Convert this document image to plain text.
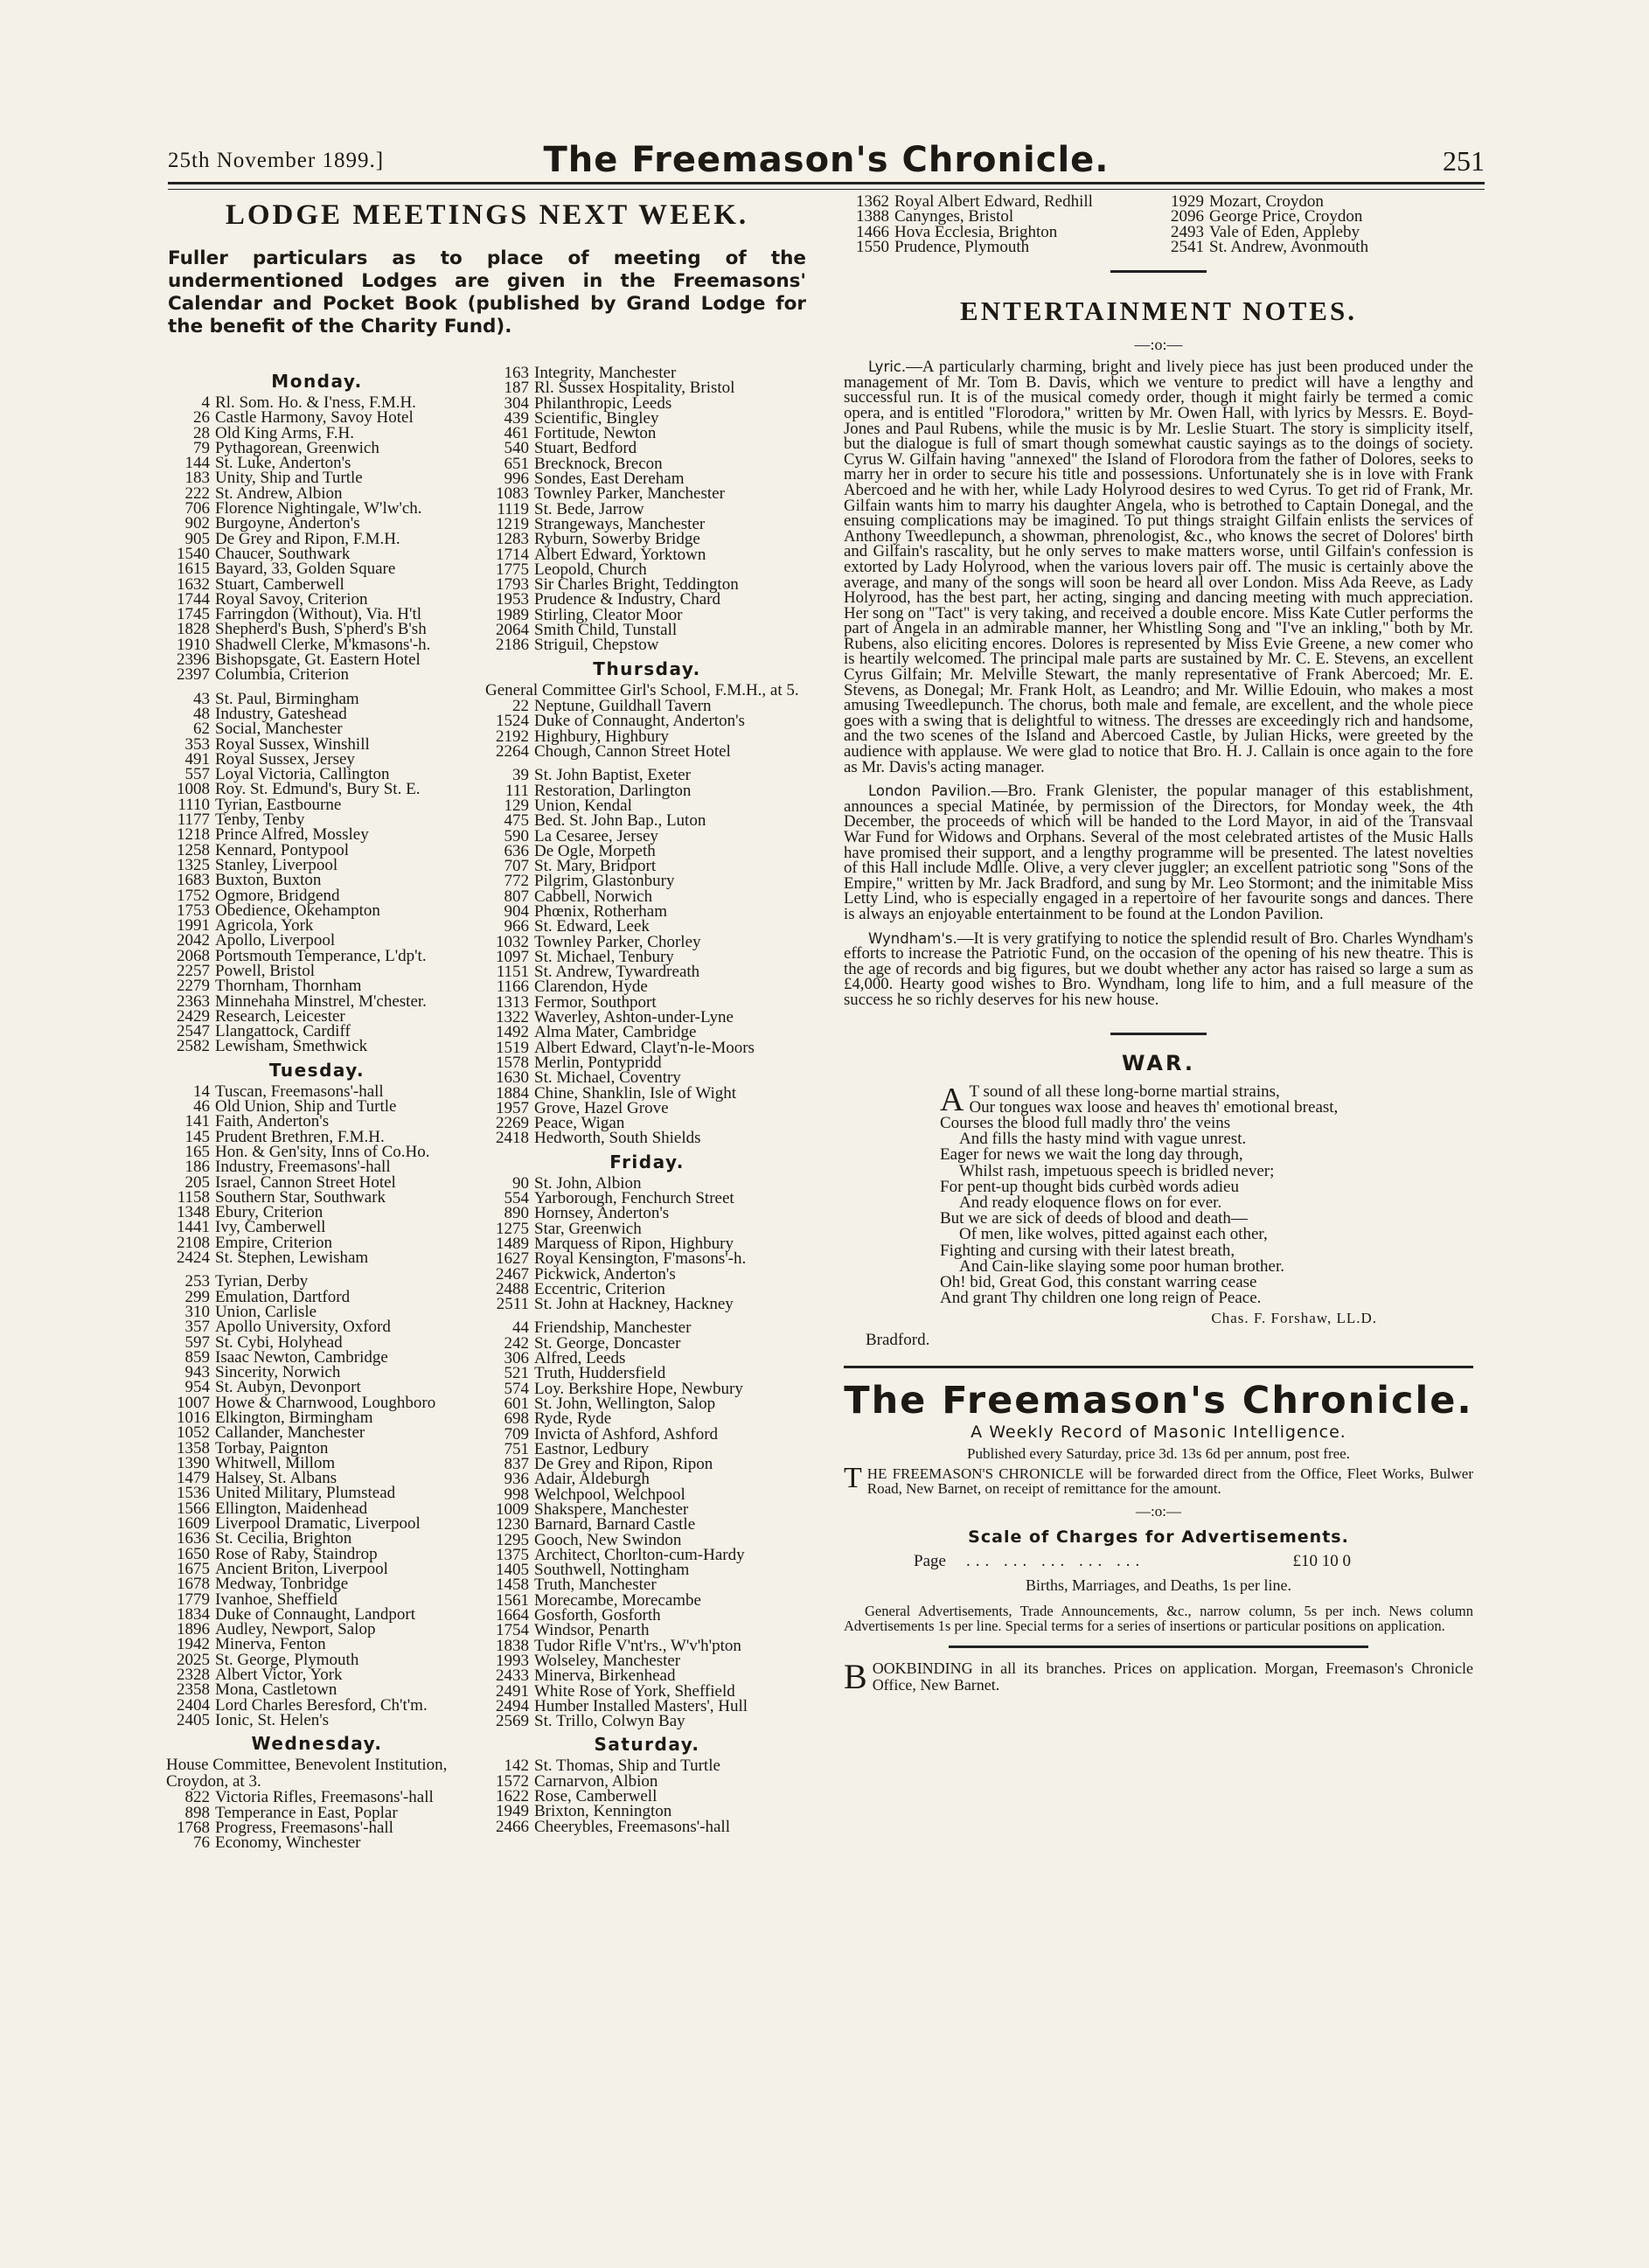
25th November 1899.]	The Freemason's Chronicle.	251
LODGE MEETINGS NEXT WEEK.

Fuller particulars as to place of meeting of the undermentioned Lodges are given in the Freemasons' Calendar and Pocket Book (published by Grand Lodge for the benefit of the Charity Fund).

Monday.
4 Rl. Som. Ho. & I'ness, F.M.H.
26 Castle Harmony, Savoy Hotel
28 Old King Arms, F.H.
79 Pythagorean, Greenwich
144 St. Luke, Anderton's
183 Unity, Ship and Turtle
222 St. Andrew, Albion
706 Florence Nightingale, W'lw'ch.
902 Burgoyne, Anderton's
905 De Grey and Ripon, F.M.H.
1540 Chaucer, Southwark
1615 Bayard, 33, Golden Square
1632 Stuart, Camberwell
1744 Royal Savoy, Criterion
1745 Farringdon (Without), Via. H'tl
1828 Shepherd's Bush, S'pherd's B'sh
1910 Shadwell Clerke, M'kmasons'-h.
2396 Bishopsgate, Gt. Eastern Hotel
2397 Columbia, Criterion
43 St. Paul, Birmingham
48 Industry, Gateshead
62 Social, Manchester
353 Royal Sussex, Winshill
491 Royal Sussex, Jersey
557 Loyal Victoria, Callington
1008 Roy. St. Edmund's, Bury St. E.
1110 Tyrian, Eastbourne
1177 Tenby, Tenby
1218 Prince Alfred, Mossley
1258 Kennard, Pontypool
1325 Stanley, Liverpool
1683 Buxton, Buxton
1752 Ogmore, Bridgend
1753 Obedience, Okehampton
1991 Agricola, York
2042 Apollo, Liverpool
2068 Portsmouth Temperance, L'dp't.
2257 Powell, Bristol
2279 Thornham, Thornham
2363 Minnehaha Minstrel, M'chester.
2429 Research, Leicester
2547 Llangattock, Cardiff
2582 Lewisham, Smethwick
Tuesday.
14 Tuscan, Freemasons'-hall
46 Old Union, Ship and Turtle
141 Faith, Anderton's
145 Prudent Brethren, F.M.H.
165 Hon. & Gen'sity, Inns of Co.Ho.
186 Industry, Freemasons'-hall
205 Israel, Cannon Street Hotel
1158 Southern Star, Southwark
1348 Ebury, Criterion
1441 Ivy, Camberwell
2108 Empire, Criterion
2424 St. Stephen, Lewisham
253 Tyrian, Derby
299 Emulation, Dartford
310 Union, Carlisle
357 Apollo University, Oxford
597 St. Cybi, Holyhead
859 Isaac Newton, Cambridge
943 Sincerity, Norwich
954 St. Aubyn, Devonport
1007 Howe & Charnwood, Loughboro
1016 Elkington, Birmingham
1052 Callander, Manchester
1358 Torbay, Paignton
1390 Whitwell, Millom
1479 Halsey, St. Albans
1536 United Military, Plumstead
1566 Ellington, Maidenhead
1609 Liverpool Dramatic, Liverpool
1636 St. Cecilia, Brighton
1650 Rose of Raby, Staindrop
1675 Ancient Briton, Liverpool
1678 Medway, Tonbridge
1779 Ivanhoe, Sheffield
1834 Duke of Connaught, Landport
1896 Audley, Newport, Salop
1942 Minerva, Fenton
2025 St. George, Plymouth
2328 Albert Victor, York
2358 Mona, Castletown
2404 Lord Charles Beresford, Ch't'm.
2405 Ionic, St. Helen's
Wednesday.
House Committee, Benevolent Institution, Croydon, at 3.
822 Victoria Rifles, Freemasons'-hall
898 Temperance in East, Poplar
1768 Progress, Freemasons'-hall
76 Economy, Winchester
163 Integrity, Manchester
187 Rl. Sussex Hospitality, Bristol
304 Philanthropic, Leeds
439 Scientific, Bingley
461 Fortitude, Newton
540 Stuart, Bedford
651 Brecknock, Brecon
996 Sondes, East Dereham
1083 Townley Parker, Manchester
1119 St. Bede, Jarrow
1219 Strangeways, Manchester
1283 Ryburn, Sowerby Bridge
1714 Albert Edward, Yorktown
1775 Leopold, Church
1793 Sir Charles Bright, Teddington
1953 Prudence & Industry, Chard
1989 Stirling, Cleator Moor
2064 Smith Child, Tunstall
2186 Striguil, Chepstow
Thursday.
General Committee Girl's School, F.M.H., at 5.
22 Neptune, Guildhall Tavern
1524 Duke of Connaught, Anderton's
2192 Highbury, Highbury
2264 Chough, Cannon Street Hotel
39 St. John Baptist, Exeter
111 Restoration, Darlington
129 Union, Kendal
475 Bed. St. John Bap., Luton
590 La Cesaree, Jersey
636 De Ogle, Morpeth
707 St. Mary, Bridport
772 Pilgrim, Glastonbury
807 Cabbell, Norwich
904 Phœnix, Rotherham
966 St. Edward, Leek
1032 Townley Parker, Chorley
1097 St. Michael, Tenbury
1151 St. Andrew, Tywardreath
1166 Clarendon, Hyde
1313 Fermor, Southport
1322 Waverley, Ashton-under-Lyne
1492 Alma Mater, Cambridge
1519 Albert Edward, Clayt'n-le-Moors
1578 Merlin, Pontypridd
1630 St. Michael, Coventry
1884 Chine, Shanklin, Isle of Wight
1957 Grove, Hazel Grove
2269 Peace, Wigan
2418 Hedworth, South Shields
Friday.
90 St. John, Albion
554 Yarborough, Fenchurch Street
890 Hornsey, Anderton's
1275 Star, Greenwich
1489 Marquess of Ripon, Highbury
1627 Royal Kensington, F'masons'-h.
2467 Pickwick, Anderton's
2488 Eccentric, Criterion
2511 St. John at Hackney, Hackney
44 Friendship, Manchester
242 St. George, Doncaster
306 Alfred, Leeds
521 Truth, Huddersfield
574 Loy. Berkshire Hope, Newbury
601 St. John, Wellington, Salop
698 Ryde, Ryde
709 Invicta of Ashford, Ashford
751 Eastnor, Ledbury
837 De Grey and Ripon, Ripon
936 Adair, Aldeburgh
998 Welchpool, Welchpool
1009 Shakspere, Manchester
1230 Barnard, Barnard Castle
1295 Gooch, New Swindon
1375 Architect, Chorlton-cum-Hardy
1405 Southwell, Nottingham
1458 Truth, Manchester
1561 Morecambe, Morecambe
1664 Gosforth, Gosforth
1754 Windsor, Penarth
1838 Tudor Rifle V'nt'rs., W'v'h'pton
1993 Wolseley, Manchester
2433 Minerva, Birkenhead
2491 White Rose of York, Sheffield
2494 Humber Installed Masters', Hull
2569 St. Trillo, Colwyn Bay
Saturday.
142 St. Thomas, Ship and Turtle
1572 Carnarvon, Albion
1622 Rose, Camberwell
1949 Brixton, Kennington
2466 Cheerybles, Freemasons'-hall
1362 Royal Albert Edward, Redhill
1388 Canynges, Bristol
1466 Hova Ecclesia, Brighton
1550 Prudence, Plymouth
1929 Mozart, Croydon
2096 George Price, Croydon
2493 Vale of Eden, Appleby
2541 St. Andrew, Avonmouth
ENTERTAINMENT NOTES.
—:o:—

Lyric.—A particularly charming, bright and lively piece has just been produced under the management of Mr. Tom B. Davis, which we venture to predict will have a lengthy and successful run. It is of the musical comedy order, though it might fairly be termed a comic opera, and is entitled "Florodora," written by Mr. Owen Hall, with lyrics by Messrs. E. Boyd-Jones and Paul Rubens, while the music is by Mr. Leslie Stuart. The story is simplicity itself, but the dialogue is full of smart though somewhat caustic sayings as to the doings of society. Cyrus W. Gilfain having "annexed" the Island of Florodora from the father of Dolores, seeks to marry her in order to secure his title and possessions. Unfortunately she is in love with Frank Abercoed and he with her, while Lady Holyrood desires to wed Cyrus. To get rid of Frank, Mr. Gilfain wants him to marry his daughter Angela, who is betrothed to Captain Donegal, and the ensuing complications may be imagined. To put things straight Gilfain enlists the services of Anthony Tweedlepunch, a showman, phrenologist, &c., who knows the secret of Dolores' birth and Gilfain's rascality, but he only serves to make matters worse, until Gilfain's confession is extorted by Lady Holyrood, when the various lovers pair off. The music is certainly above the average, and many of the songs will soon be heard all over London. Miss Ada Reeve, as Lady Holyrood, has the best part, her acting, singing and dancing meeting with much appreciation. Her song on "Tact" is very taking, and received a double encore. Miss Kate Cutler performs the part of Angela in an admirable manner, her Whistling Song and "I've an inkling," both by Mr. Rubens, also eliciting encores. Dolores is represented by Miss Evie Greene, a new comer who is heartily welcomed. The principal male parts are sustained by Mr. C. E. Stevens, an excellent Cyrus Gilfain; Mr. Melville Stewart, the manly representative of Frank Abercoed; Mr. E. Stevens, as Donegal; Mr. Frank Holt, as Leandro; and Mr. Willie Edouin, who makes a most amusing Tweedlepunch. The chorus, both male and female, are excellent, and the whole piece goes with a swing that is delightful to witness. The dresses are exceedingly rich and handsome, and the two scenes of the Island and Abercoed Castle, by Julian Hicks, were greeted by the audience with applause. We were glad to notice that Bro. H. J. Callain is once again to the fore as Mr. Davis's acting manager.

London Pavilion.—Bro. Frank Glenister, the popular manager of this establishment, announces a special Matinée, by permission of the Directors, for Monday week, the 4th December, the proceeds of which will be handed to the Lord Mayor, in aid of the Transvaal War Fund for Widows and Orphans. Several of the most celebrated artistes of the Music Halls have promised their support, and a lengthy programme will be presented. The latest novelties of this Hall include Mdlle. Olive, a very clever juggler; an excellent patriotic song "Sons of the Empire," written by Mr. Jack Bradford, and sung by Mr. Leo Stormont; and the inimitable Miss Letty Lind, who is especially engaged in a repertoire of her favourite songs and dances. There is always an enjoyable entertainment to be found at the London Pavilion.

Wyndham's.—It is very gratifying to notice the splendid result of Bro. Charles Wyndham's efforts to increase the Patriotic Fund, on the occasion of the opening of his new theatre. This is the age of records and big figures, but we doubt whether any actor has raised so large a sum as £4,000. Hearty good wishes to Bro. Wyndham, long life to him, and a full measure of the success he so richly deserves for his new house.

WAR.
A T sound of all these long-borne martial strains,
Our tongues wax loose and heaves th' emotional breast,
Courses the blood full madly thro' the veins
And fills the hasty mind with vague unrest.
Eager for news we wait the long day through,
Whilst rash, impetuous speech is bridled never;
For pent-up thought bids curbèd words adieu
And ready eloquence flows on for ever.
But we are sick of deeds of blood and death—
Of men, like wolves, pitted against each other,
Fighting and cursing with their latest breath,
And Cain-like slaying some poor human brother.
Oh! bid, Great God, this constant warring cease
And grant Thy children one long reign of Peace.
Chas. F. Forshaw, LL.D.
Bradford.
The Freemason's Chronicle.
A Weekly Record of Masonic Intelligence.
Published every Saturday, price 3d. 13s 6d per annum, post free.
THE FREEMASON'S CHRONICLE will be forwarded direct from the Office, Fleet Works, Bulwer Road, New Barnet, on receipt of remittance for the amount.
—:o:—
Scale of Charges for Advertisements.
Page	... ... ... ... ...	£10 10 0
Births, Marriages, and Deaths, 1s per line.
General Advertisements, Trade Announcements, &c., narrow column, 5s per inch. News column Advertisements 1s per line. Special terms for a series of insertions or particular positions on application.
BOOKBINDING in all its branches. Prices on application. Morgan, Freemason's Chronicle Office, New Barnet.
